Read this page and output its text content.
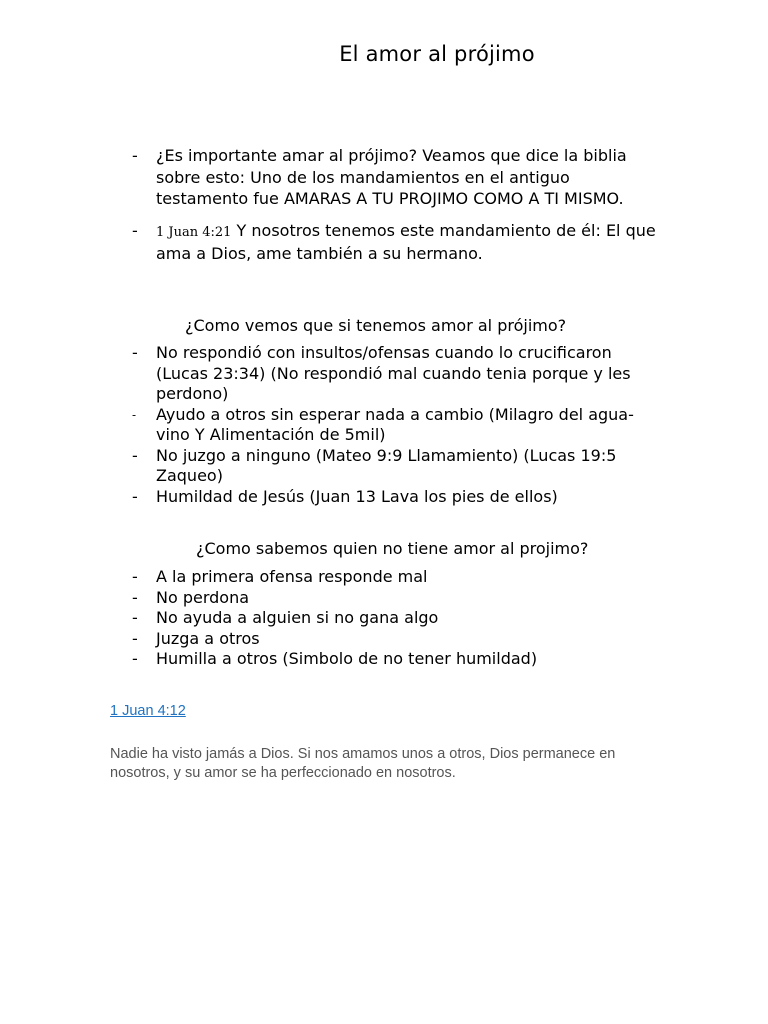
El amor al prójimo
-	¿Es importante amar al prójimo? Veamos que dice la biblia sobre esto: Uno de los mandamientos en el antiguo testamento fue AMARAS A TU PROJIMO COMO A TI MISMO.
-	1 Juan 4:21 Y nosotros tenemos este mandamiento de él: El que ama a Dios, ame también a su hermano.
¿Como vemos que si tenemos amor al prójimo?
-	No respondió con insultos/ofensas cuando lo crucificaron (Lucas 23:34) (No respondió mal cuando tenia porque y les perdono)
-	Ayudo a otros sin esperar nada a cambio (Milagro del agua-vino Y Alimentación de 5mil)
-	No juzgo a ninguno (Mateo 9:9 Llamamiento) (Lucas 19:5 Zaqueo)
-	Humildad de Jesús (Juan 13 Lava los pies de ellos)
¿Como sabemos quien no tiene amor al projimo?
-	A la primera ofensa responde mal
-	No perdona
-	No ayuda a alguien si no gana algo
-	Juzga a otros
-	Humilla a otros (Simbolo de no tener humildad)
1 Juan 4:12

Nadie ha visto jamás a Dios. Si nos amamos unos a otros, Dios permanece en nosotros, y su amor se ha perfeccionado en nosotros.
